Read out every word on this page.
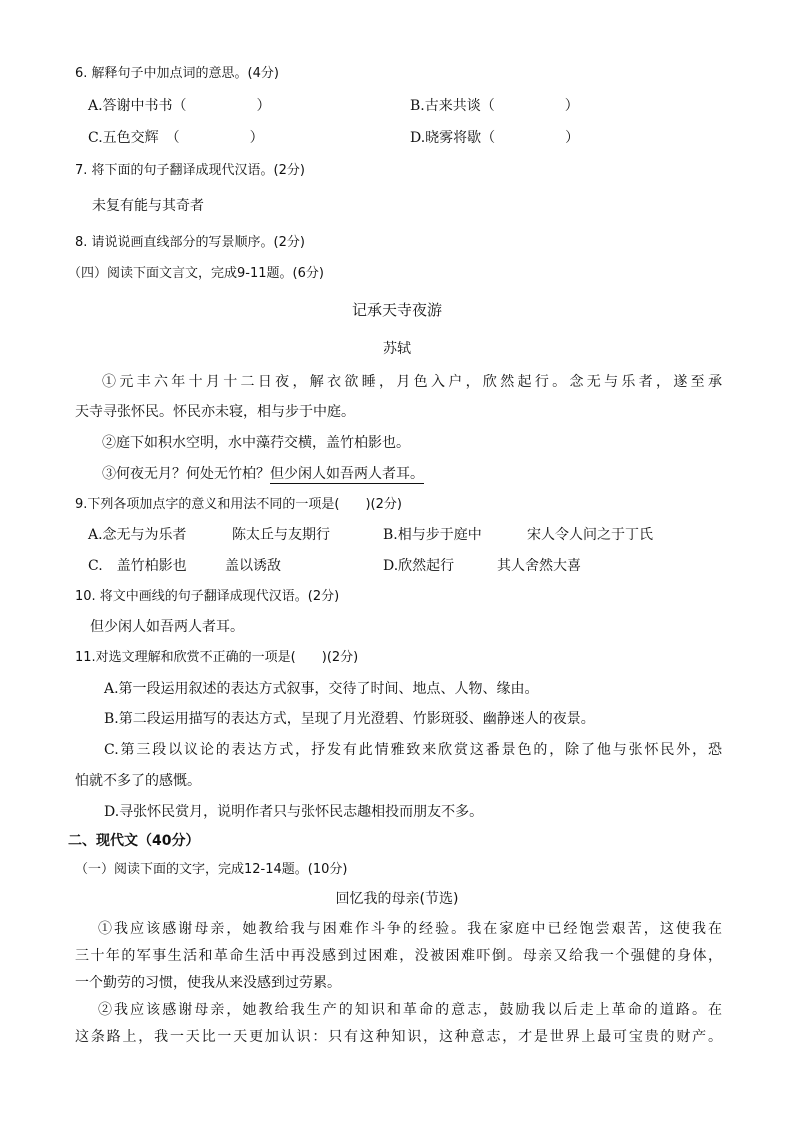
6. 解释句子中加点词的意思。(4分)
A.答谢中书书（　　　　　）	B.古来共谈（　　　　　）
C.五色交辉　（　　　　　）	D.晓雾将歇（　　　　　）
7. 将下面的句子翻译成现代汉语。(2分)
未复有能与其奇者
8. 请说说画直线部分的写景顺序。(2分)
（四）阅读下面文言文，完成9-11题。(6分)
记承天寺夜游
苏轼
①元丰六年十月十二日夜，解衣欲睡，月色入户，欣然起行。念无与乐者，遂至承
天寺寻张怀民。怀民亦未寝，相与步于中庭。
②庭下如积水空明，水中藻荇交横，盖竹柏影也。
③何夜无月？何处无竹柏？但少闲人如吾两人者耳。
9.下列各项加点字的意义和用法不同的一项是(　　)(2分)
A.念无与为乐者	陈太丘与友期行	B.相与步于庭中	宋人令人问之于丁氏
C.　盖竹柏影也	盖以诱敌	D.欣然起行	其人舍然大喜
10. 将文中画线的句子翻译成现代汉语。(2分)
但少闲人如吾两人者耳。
11.对选文理解和欣赏不正确的一项是(　　)(2分)
A.第一段运用叙述的表达方式叙事，交待了时间、地点、人物、缘由。
B.第二段运用描写的表达方式，呈现了月光澄碧、竹影斑驳、幽静迷人的夜景。
C.第三段以议论的表达方式，抒发有此情雅致来欣赏这番景色的，除了他与张怀民外，恐
怕就不多了的感慨。
D.寻张怀民赏月，说明作者只与张怀民志趣相投而朋友不多。
二、现代文（40分）
（一）阅读下面的文字，完成12-14题。(10分)
回忆我的母亲(节选)
①我应该感谢母亲，她教给我与困难作斗争的经验。我在家庭中已经饱尝艰苦，这使我在
三十年的军事生活和革命生活中再没感到过困难，没被困难吓倒。母亲又给我一个强健的身体，
一个勤劳的习惯，使我从来没感到过劳累。
②我应该感谢母亲，她教给我生产的知识和革命的意志，鼓励我以后走上革命的道路。在
这条路上，我一天比一天更加认识：只有这种知识，这种意志，才是世界上最可宝贵的财产。
